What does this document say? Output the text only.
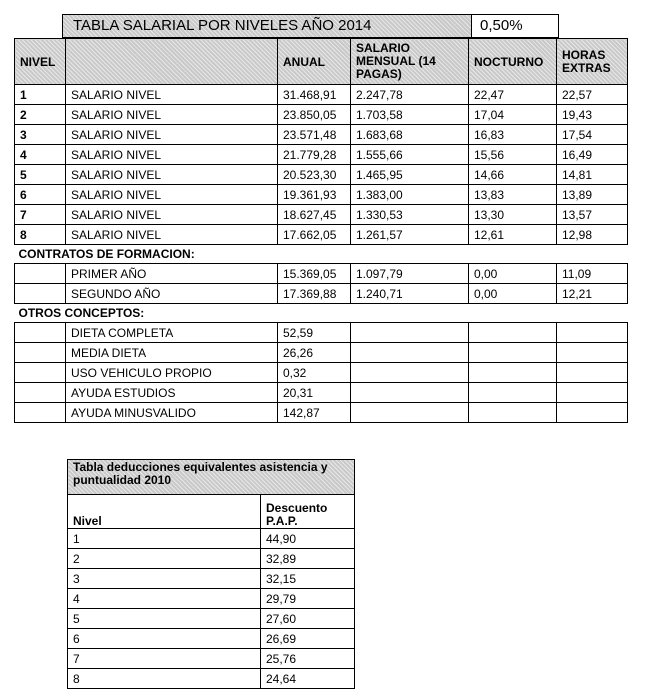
TABLA SALARIAL POR NIVELES AÑO 2014	0,50%
NIVEL		ANUAL	SALARIO MENSUAL (14 PAGAS)	NOCTURNO	HORAS EXTRAS
1	SALARIO NIVEL	31.468,91	2.247,78	22,47	22,57
2	SALARIO NIVEL	23.850,05	1.703,58	17,04	19,43
3	SALARIO NIVEL	23.571,48	1.683,68	16,83	17,54
4	SALARIO NIVEL	21.779,28	1.555,66	15,56	16,49
5	SALARIO NIVEL	20.523,30	1.465,95	14,66	14,81
6	SALARIO NIVEL	19.361,93	1.383,00	13,83	13,89
7	SALARIO NIVEL	18.627,45	1.330,53	13,30	13,57
8	SALARIO NIVEL	17.662,05	1.261,57	12,61	12,98
CONTRATOS DE FORMACION:					
	PRIMER AÑO	15.369,05	1.097,79	0,00	11,09
	SEGUNDO AÑO	17.369,88	1.240,71	0,00	12,21
OTROS CONCEPTOS:					
	DIETA COMPLETA	52,59			
	MEDIA DIETA	26,26			
	USO VEHICULO PROPIO	0,32			
	AYUDA ESTUDIOS	20,31			
	AYUDA MINUSVALIDO	142,87			
Tabla deducciones equivalentes asistencia y puntualidad 2010	
Nivel	Descuento P.A.P.
1	44,90
2	32,89
3	32,15
4	29,79
5	27,60
6	26,69
7	25,76
8	24,64
